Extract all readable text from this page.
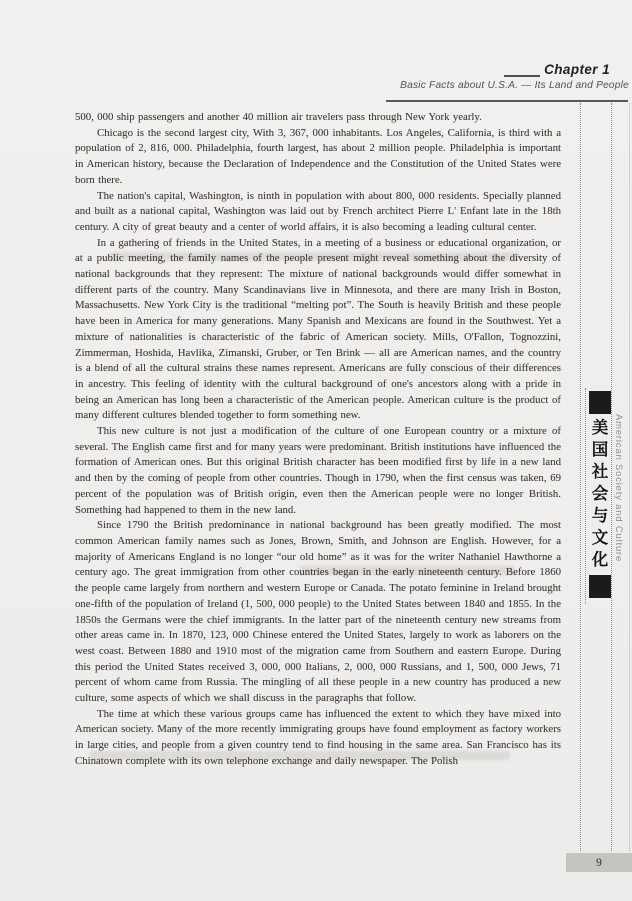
Chapter 1
Basic Facts about U.S.A. — Its Land and People

500, 000 ship passengers and another 40 million air travelers pass through New York yearly.

Chicago is the second largest city, With 3, 367, 000 inhabitants. Los Angeles, California, is third with a population of 2, 816, 000. Philadelphia, fourth largest, has about 2 million people. Philadelphia is important in American history, because the Declaration of Independence and the Constitution of the United States were born there.

The nation's capital, Washington, is ninth in population with about 800, 000 residents. Specially planned and built as a national capital, Washington was laid out by French architect Pierre L' Enfant late in the 18th century. A city of great beauty and a center of world affairs, it is also becoming a leading cultural center.

In a gathering of friends in the United States, in a meeting of a business or educational organization, or at a public meeting, the family names of the people present might reveal something about the diversity of national backgrounds that they represent: The mixture of national backgrounds would differ somewhat in different parts of the country. Many Scandinavians live in Minnesota, and there are many Irish in Boston, Massachusetts. New York City is the traditional “melting pot”. The South is heavily British and these people have been in America for many generations. Many Spanish and Mexicans are found in the Southwest. Yet a mixture of nationalities is characteristic of the fabric of American society. Mills, O'Fallon, Tognozzini, Zimmerman, Hoshida, Havlika, Zimanski, Gruber, or Ten Brink — all are American names, and the country is a blend of all the cultural strains these names represent. Americans are fully conscious of their differences in ancestry. This feeling of identity with the cultural background of one's ancestors along with a pride in being an American has long been a characteristic of the American people. American culture is the product of many different cultures blended together to form something new.

This new culture is not just a modification of the culture of one European country or a mixture of several. The English came first and for many years were predominant. British institutions have influenced the formation of American ones. But this original British character has been modified first by life in a new land and then by the coming of people from other countries. Though in 1790, when the first census was taken, 69 percent of the population was of British origin, even then the American people were no longer British. Something had happened to them in the new land.

Since 1790 the British predominance in national background has been greatly modified. The most common American family names such as Jones, Brown, Smith, and Johnson are English. However, for a majority of Americans England is no longer “our old home” as it was for the writer Nathaniel Hawthorne a century ago. The great immigration from other countries began in the early nineteenth century. Before 1860 the people came largely from northern and western Europe or Canada. The potato feminine in Ireland brought one-fifth of the population of Ireland (1, 500, 000 people) to the United States between 1840 and 1855. In the 1850s the Germans were the chief immigrants. In the latter part of the nineteenth century new streams from other areas came in. In 1870, 123, 000 Chinese entered the United States, largely to work as laborers on the west coast. Between 1880 and 1910 most of the migration came from Southern and eastern Europe. During this period the United States received 3, 000, 000 Italians, 2, 000, 000 Russians, and 1, 500, 000 Jews, 71 percent of whom came from Russia. The mingling of all these people in a new country has produced a new culture, some aspects of which we shall discuss in the paragraphs that follow.

The time at which these various groups came has influenced the extent to which they have mixed into American society. Many of the more recently immigrating groups have found employment as factory workers in large cities, and people from a given country tend to find housing in the same area. San Francisco has its Chinatown complete with its own telephone exchange and daily newspaper. The Polish

美
国
社
会
与
文
化 American Society and Culture
9
